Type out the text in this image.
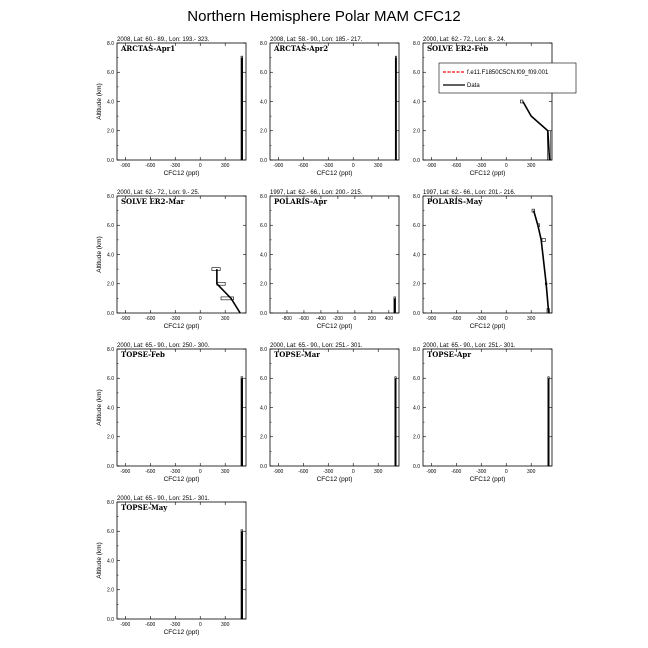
Northern Hemisphere Polar MAM CFC12
2008, Lat: 60.- 89., Lon: 193.- 323.
ARCTAS-Apr1
0.0
2.0
4.0
6.0
8.0
-900	-600	-300	0	300
CFC12 (ppt)
Altitude (km)
2008, Lat: 58.- 90., Lon: 185.- 217.
ARCTAS-Apr2
0.0
2.0
4.0
6.0
8.0
-900	-600	-300	0	300
CFC12 (ppt)
2000, Lat: 62.- 72., Lon: 8.- 24.
SOLVE ER2-Feb
0.0
2.0
4.0
6.0
8.0
-900	-600	-300	0	300
CFC12 (ppt)
f.e11.F1850C5CN.f09_f09.001
Data
2000, Lat: 62.- 72., Lon: 9.- 25.
SOLVE ER2-Mar
0.0
2.0
4.0
6.0
8.0
-900	-600	-300	0	300
CFC12 (ppt)
Altitude (km)
1997, Lat: 62.- 66., Lon: 200.- 215.
POLARIS-Apr
0.0
2.0
4.0
6.0
8.0
-800 -600 -400 -200 0 200 400
CFC12 (ppt)
1997, Lat: 62.- 66., Lon: 201.- 216.
POLARIS-May
0.0
2.0
4.0
6.0
8.0
-900	-600	-300	0	300
CFC12 (ppt)
2000, Lat: 65.- 90., Lon: 250.- 300.
TOPSE-Feb
0.0
2.0
4.0
6.0
8.0
-900	-600	-300	0	300
CFC12 (ppt)
Altitude (km)
2000, Lat: 65.- 90., Lon: 251.- 301.
TOPSE-Mar
0.0
2.0
4.0
6.0
8.0
-900	-600	-300	0	300
CFC12 (ppt)
2000, Lat: 65.- 90., Lon: 251.- 301.
TOPSE-Apr
0.0
2.0
4.0
6.0
8.0
-900	-600	-300	0	300
CFC12 (ppt)
2000, Lat: 65.- 90., Lon: 251.- 301.
TOPSE-May
0.0
2.0
4.0
6.0
8.0
-900	-600	-300	0	300
CFC12 (ppt)
Altitude (km)
